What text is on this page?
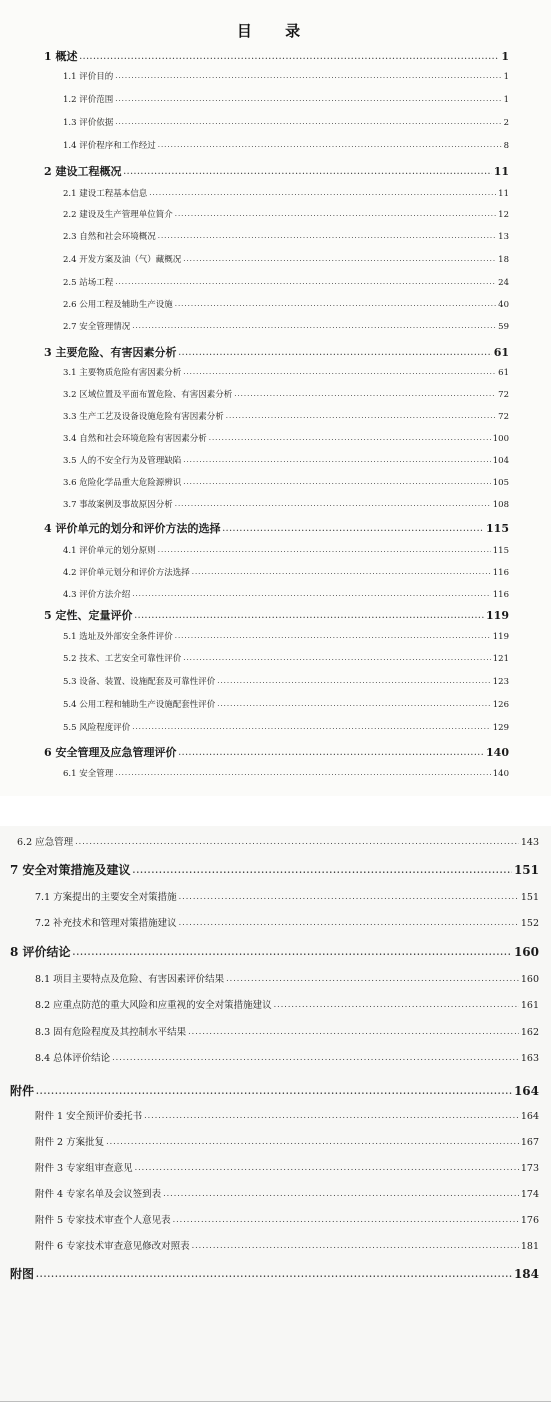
目 录
1 概述 .....	1
1.1 评价目的 .....	1
1.2 评价范围 .....	1
1.3 评价依据 .....	2
1.4 评价程序和工作经过 .....	8
2 建设工程概况 .....	11
2.1 建设工程基本信息 .....	11
2.2 建设及生产管理单位简介 .....	12
2.3 自然和社会环境概况 .....	13
2.4 开发方案及油（气）藏概况 .....	18
2.5 站场工程 .....	24
2.6 公用工程及辅助生产设施 .....	40
2.7 安全管理情况 .....	59
3 主要危险、有害因素分析 .....	61
3.1 主要物质危险有害因素分析 .....	61
3.2 区域位置及平面布置危险、有害因素分析 .....	72
3.3 生产工艺及设备设施危险有害因素分析 .....	72
3.4 自然和社会环境危险有害因素分析 .....	100
3.5 人的不安全行为及管理缺陷 .....	104
3.6 危险化学品重大危险源辨识 .....	105
3.7 事故案例及事故原因分析 .....	108
4 评价单元的划分和评价方法的选择 .....	115
4.1 评价单元的划分原则 .....	115
4.2 评价单元划分和评价方法选择 .....	116
4.3 评价方法介绍 .....	116
5 定性、定量评价 .....	119
5.1 选址及外部安全条件评价 .....	119
5.2 技术、工艺安全可靠性评价 .....	121
5.3 设备、装置、设施配套及可靠性评价 .....	123
5.4 公用工程和辅助生产设施配套性评价 .....	126
5.5 风险程度评价 .....	129
6 安全管理及应急管理评价 .....	140
6.1 安全管理 .....	140
6.2 应急管理 .....	143
7 安全对策措施及建议 .....	151
7.1 方案提出的主要安全对策措施 .....	151
7.2 补充技术和管理对策措施建议 .....	152
8 评价结论 .....	160
8.1 项目主要特点及危险、有害因素评价结果 .....	160
8.2 应重点防范的重大风险和应重视的安全对策措施建议 .....	161
8.3 固有危险程度及其控制水平结果 .....	162
8.4 总体评价结论 .....	163
附件 .....	164
附件 1 安全预评价委托书 .....	164
附件 2 方案批复 .....	167
附件 3 专家组审查意见 .....	173
附件 4 专家名单及会议签到表 .....	174
附件 5 专家技术审查个人意见表 .....	176
附件 6 专家技术审查意见修改对照表 .....	181
附图 .....	184
